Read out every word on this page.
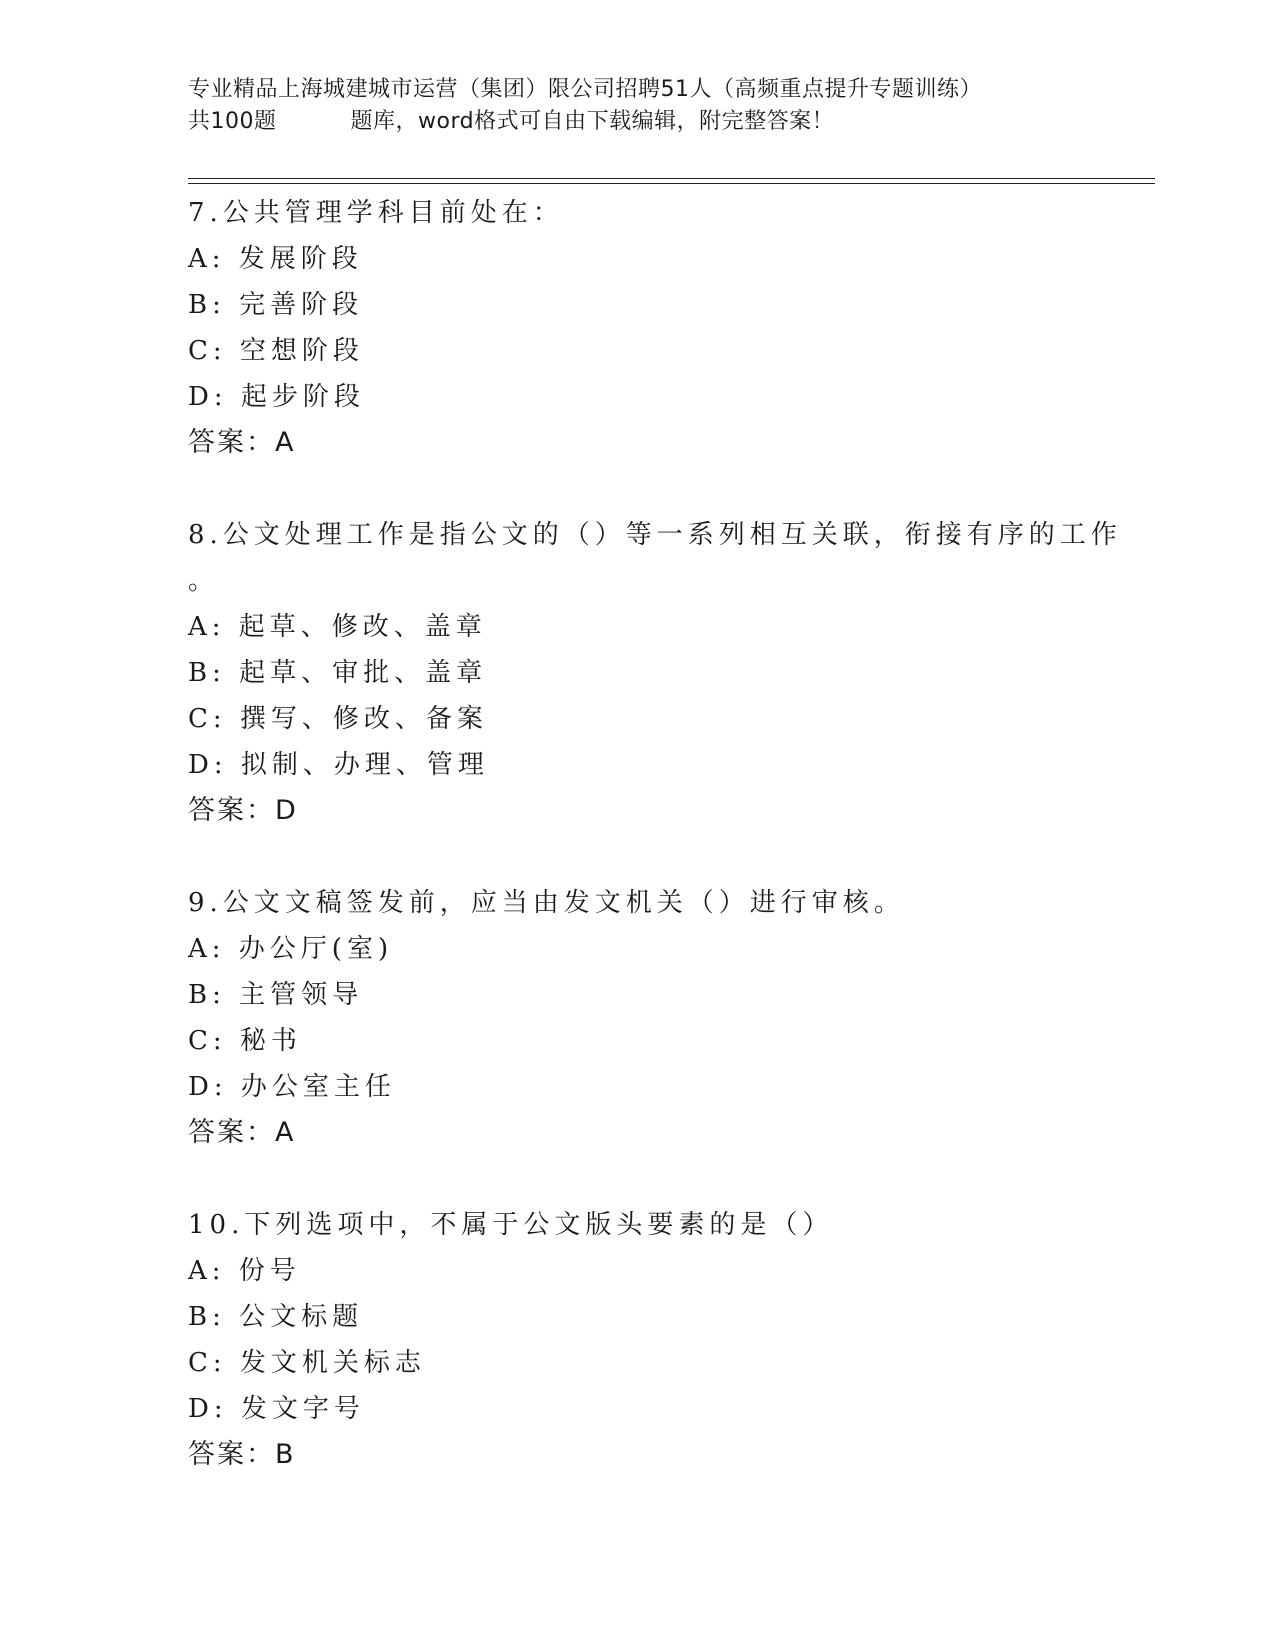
专业精品上海城建城市运营（集团）限公司招聘51人（高频重点提升专题训练）
共100题	题库，word格式可自由下载编辑，附完整答案！
7.公共管理学科目前处在：
A: 发展阶段
B: 完善阶段
C: 空想阶段
D: 起步阶段
答案：A
8.公文处理工作是指公文的（）等一系列相互关联，衔接有序的工作
。
A: 起草、修改、盖章
B: 起草、审批、盖章
C: 撰写、修改、备案
D: 拟制、办理、管理
答案：D
9.公文文稿签发前，应当由发文机关（）进行审核。
A: 办公厅(室)
B: 主管领导
C: 秘书
D: 办公室主任
答案：A
10.下列选项中，不属于公文版头要素的是（）
A: 份号
B: 公文标题
C: 发文机关标志
D: 发文字号
答案：B
